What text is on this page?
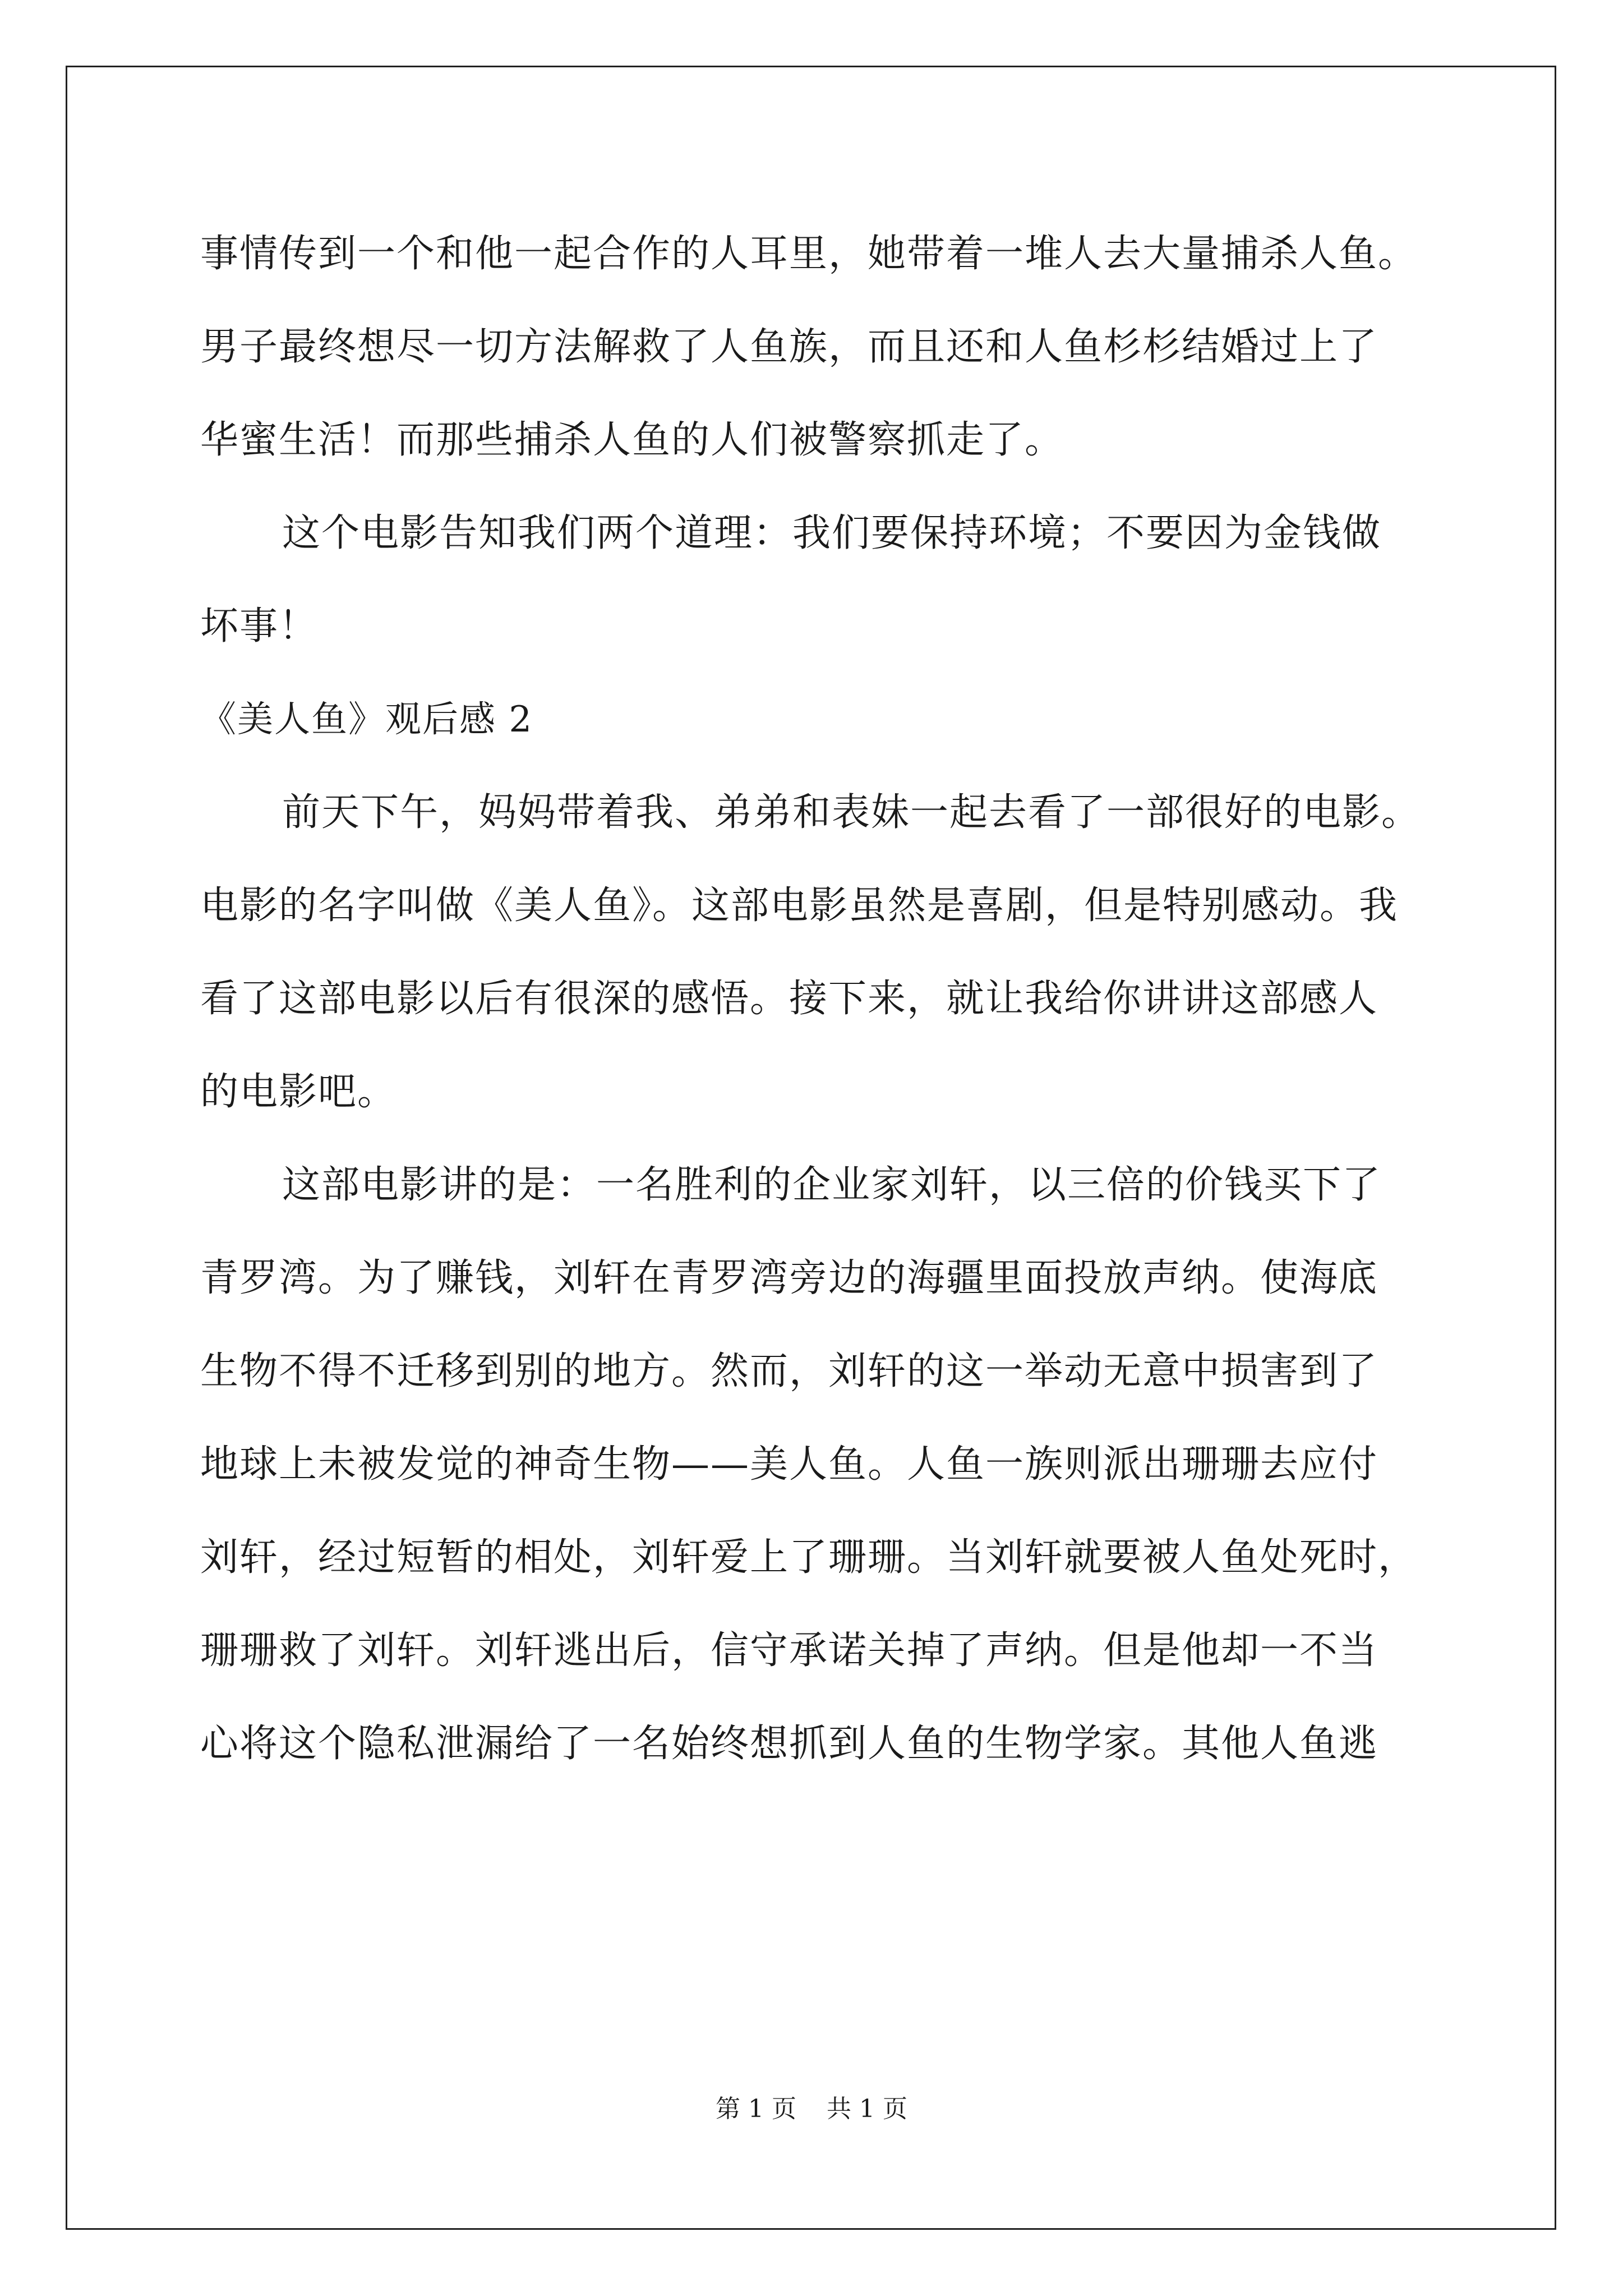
事情传到一个和他一起合作的人耳里，她带着一堆人去大量捕杀人鱼。
男子最终想尽一切方法解救了人鱼族，而且还和人鱼杉杉结婚过上了
华蜜生活！而那些捕杀人鱼的人们被警察抓走了。
这个电影告知我们两个道理：我们要保持环境；不要因为金钱做
坏事！
《美人鱼》观后感 2
前天下午，妈妈带着我、弟弟和表妹一起去看了一部很好的电影。
电影的名字叫做《美人鱼》。这部电影虽然是喜剧，但是特别感动。我
看了这部电影以后有很深的感悟。接下来，就让我给你讲讲这部感人
的电影吧。
这部电影讲的是：一名胜利的企业家刘轩，以三倍的价钱买下了
青罗湾。为了赚钱，刘轩在青罗湾旁边的海疆里面投放声纳。使海底
生物不得不迁移到别的地方。然而，刘轩的这一举动无意中损害到了
地球上未被发觉的神奇生物——美人鱼。人鱼一族则派出珊珊去应付
刘轩，经过短暂的相处，刘轩爱上了珊珊。当刘轩就要被人鱼处死时，
珊珊救了刘轩。刘轩逃出后，信守承诺关掉了声纳。但是他却一不当
心将这个隐私泄漏给了一名始终想抓到人鱼的生物学家。其他人鱼逃
第 1 页 共 1 页
